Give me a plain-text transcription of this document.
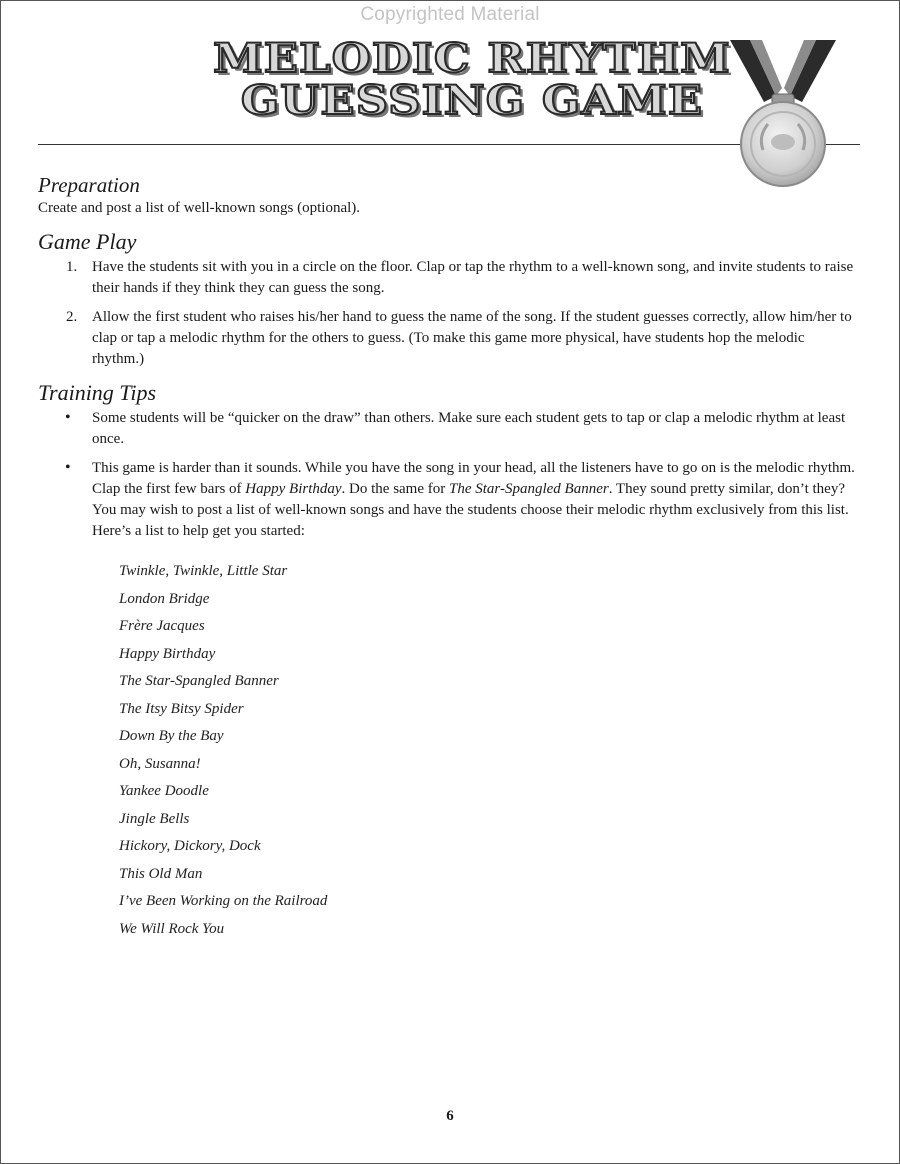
Copyrighted Material
MELODIC RHYTHM
GUESSING GAME
Preparation

Create and post a list of well-known songs (optional).

Game Play
1. Have the students sit with you in a circle on the floor. Clap or tap the rhythm to a well-known song, and invite students to raise their hands if they think they can guess the song.
2. Allow the first student who raises his/her hand to guess the name of the song. If the student guesses correctly, allow him/her to clap or tap a melodic rhythm for the others to guess. (To make this game more physical, have students hop the melodic rhythm.)
Training Tips
• Some students will be “quicker on the draw” than others. Make sure each student gets to tap or clap a melodic rhythm at least once.
• This game is harder than it sounds. While you have the song in your head, all the listeners have to go on is the melodic rhythm. Clap the first few bars of Happy Birthday. Do the same for The Star-Spangled Banner. They sound pretty similar, don’t they? You may wish to post a list of well-known songs and have the students choose their melodic rhythm exclusively from this list. Here’s a list to help get you started:
Twinkle, Twinkle, Little Star
London Bridge
Frère Jacques
Happy Birthday
The Star-Spangled Banner
The Itsy Bitsy Spider
Down By the Bay
Oh, Susanna!
Yankee Doodle
Jingle Bells
Hickory, Dickory, Dock
This Old Man
I’ve Been Working on the Railroad
We Will Rock You
6
